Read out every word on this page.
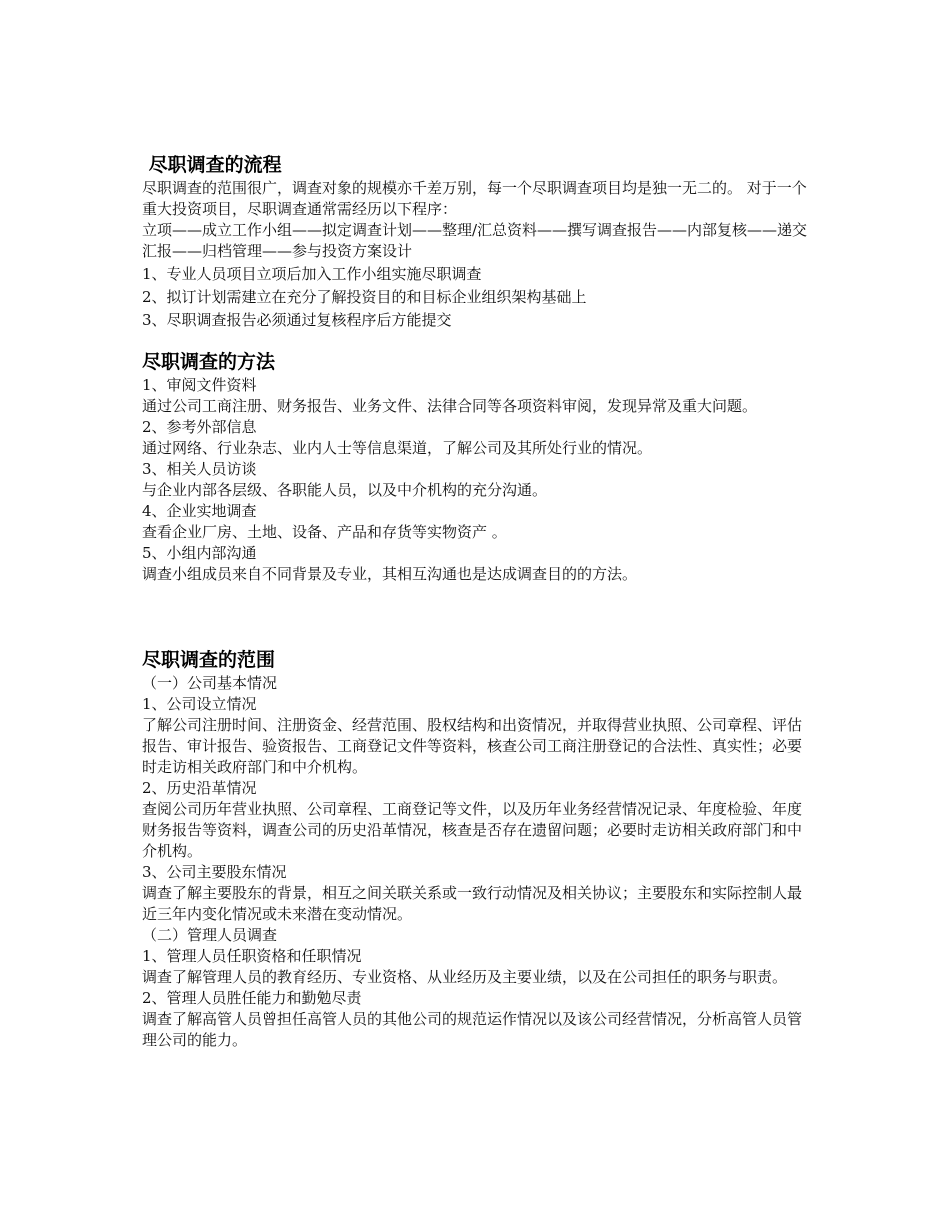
尽职调查的流程

尽职调查的范围很广，调查对象的规模亦千差万别，每一个尽职调查项目均是独一无二的。 对于一个重大投资项目，尽职调查通常需经历以下程序：

立项——成立工作小组——拟定调查计划——整理/汇总资料——撰写调查报告——内部复核——递交汇报——归档管理——参与投资方案设计

1、专业人员项目立项后加入工作小组实施尽职调查

2、拟订计划需建立在充分了解投资目的和目标企业组织架构基础上

3、尽职调查报告必须通过复核程序后方能提交

尽职调查的方法

1、审阅文件资料

通过公司工商注册、财务报告、业务文件、法律合同等各项资料审阅，发现异常及重大问题。

2、参考外部信息

通过网络、行业杂志、业内人士等信息渠道，了解公司及其所处行业的情况。

3、相关人员访谈

与企业内部各层级、各职能人员，以及中介机构的充分沟通。

4、企业实地调查

查看企业厂房、土地、设备、产品和存货等实物资产 。

5、小组内部沟通

调查小组成员来自不同背景及专业，其相互沟通也是达成调查目的的方法。

尽职调查的范围

（一）公司基本情况

1、公司设立情况

了解公司注册时间、注册资金、经营范围、股权结构和出资情况，并取得营业执照、公司章程、评估报告、审计报告、验资报告、工商登记文件等资料，核查公司工商注册登记的合法性、真实性；必要时走访相关政府部门和中介机构。

2、历史沿革情况

查阅公司历年营业执照、公司章程、工商登记等文件，以及历年业务经营情况记录、年度检验、年度财务报告等资料，调查公司的历史沿革情况，核查是否存在遗留问题；必要时走访相关政府部门和中介机构。

3、公司主要股东情况

调查了解主要股东的背景，相互之间关联关系或一致行动情况及相关协议；主要股东和实际控制人最近三年内变化情况或未来潜在变动情况。

（二）管理人员调查

1、管理人员任职资格和任职情况

调查了解管理人员的教育经历、专业资格、从业经历及主要业绩，以及在公司担任的职务与职责。

2、管理人员胜任能力和勤勉尽责

调查了解高管人员曾担任高管人员的其他公司的规范运作情况以及该公司经营情况，分析高管人员管理公司的能力。
